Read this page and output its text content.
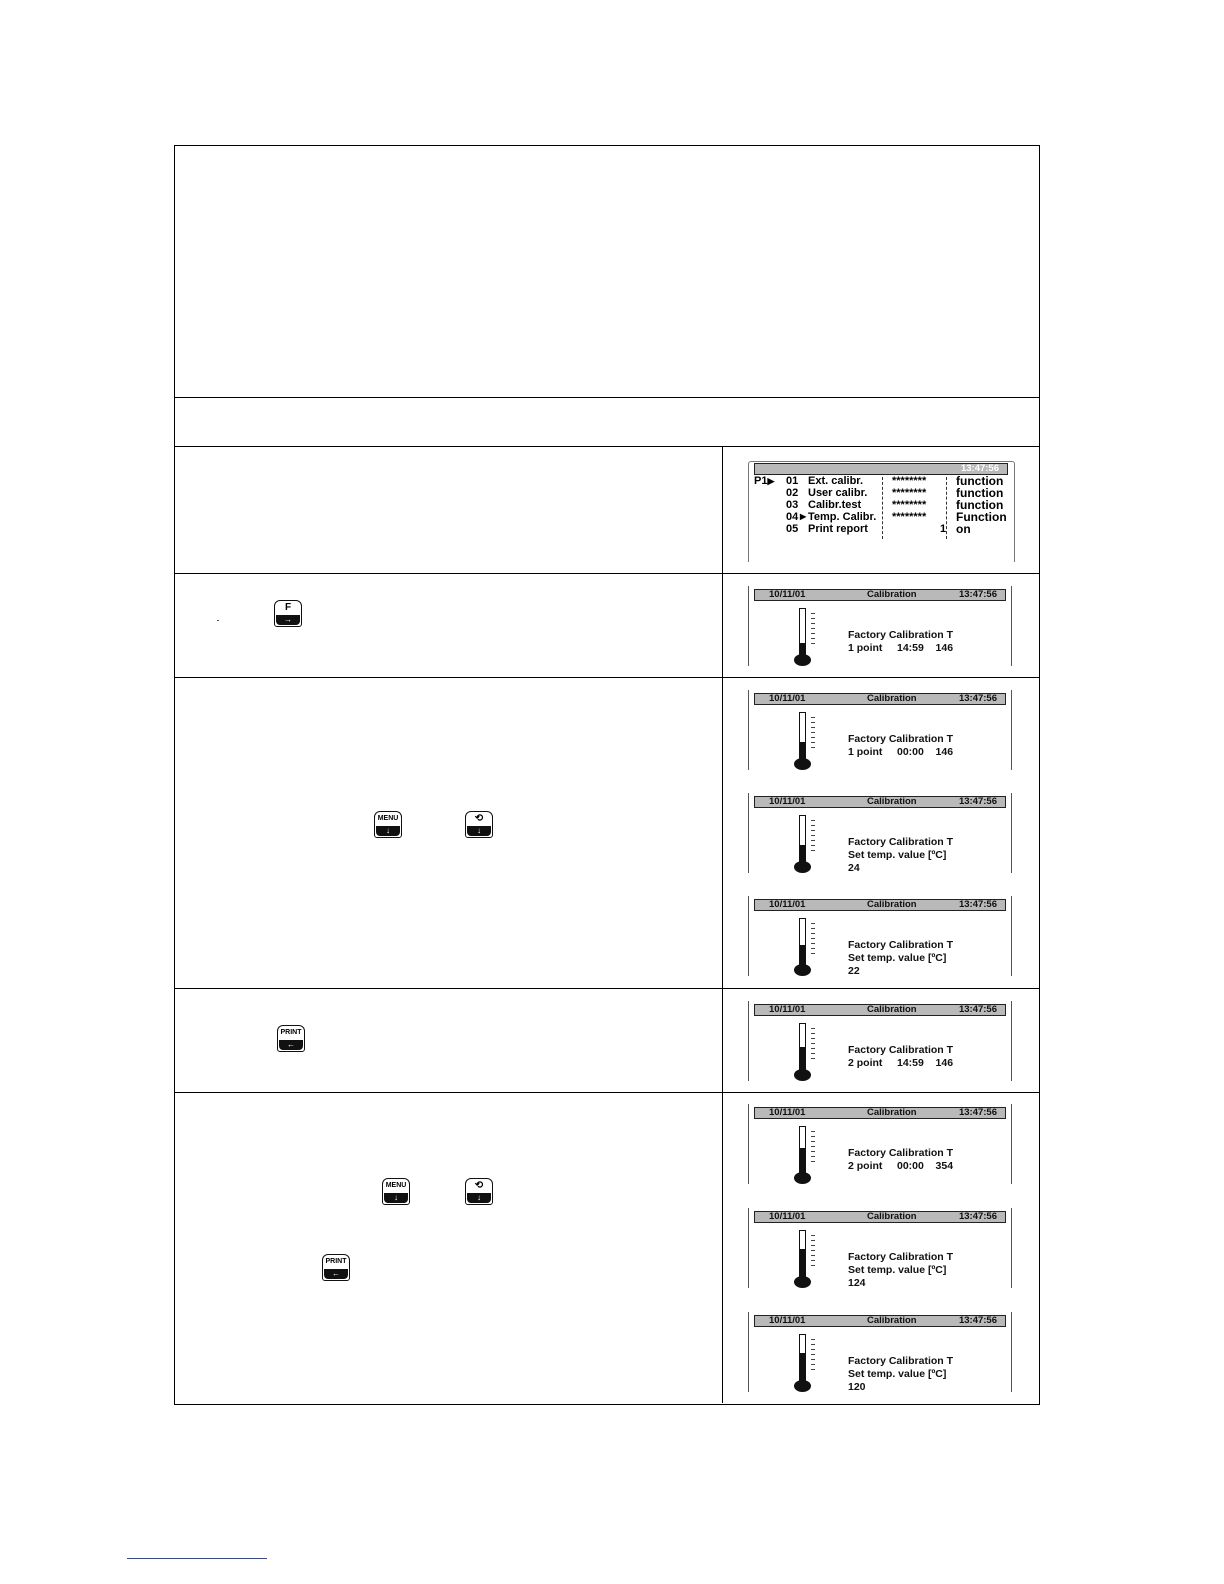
13:47:56
P1▶ 01 Ext. calibr.	******** function
02 User calibr. ******** function
03 Calibr.test	******** function
04 ▶ Temp. Calibr. ******** Function
05 Print report	1 on
F
→
MENU
↓
⟲
↓
PRINT
←
MENU
↓
⟲
↓
PRINT
←
10/11/01	Calibration	13:47:56
Factory Calibration T
1 point     14:59    146
10/11/01	Calibration	13:47:56
Factory Calibration T
1 point     00:00    146
10/11/01	Calibration	13:47:56
Factory Calibration T
Set temp. value [ºC]
24
10/11/01	Calibration	13:47:56
Factory Calibration T
Set temp. value [ºC]
22
10/11/01	Calibration	13:47:56
Factory Calibration T
2 point     14:59    146
10/11/01	Calibration	13:47:56
Factory Calibration T
2 point     00:00    354
10/11/01	Calibration	13:47:56
Factory Calibration T
Set temp. value [ºC]
124
10/11/01	Calibration	13:47:56
Factory Calibration T
Set temp. value [ºC]
120
